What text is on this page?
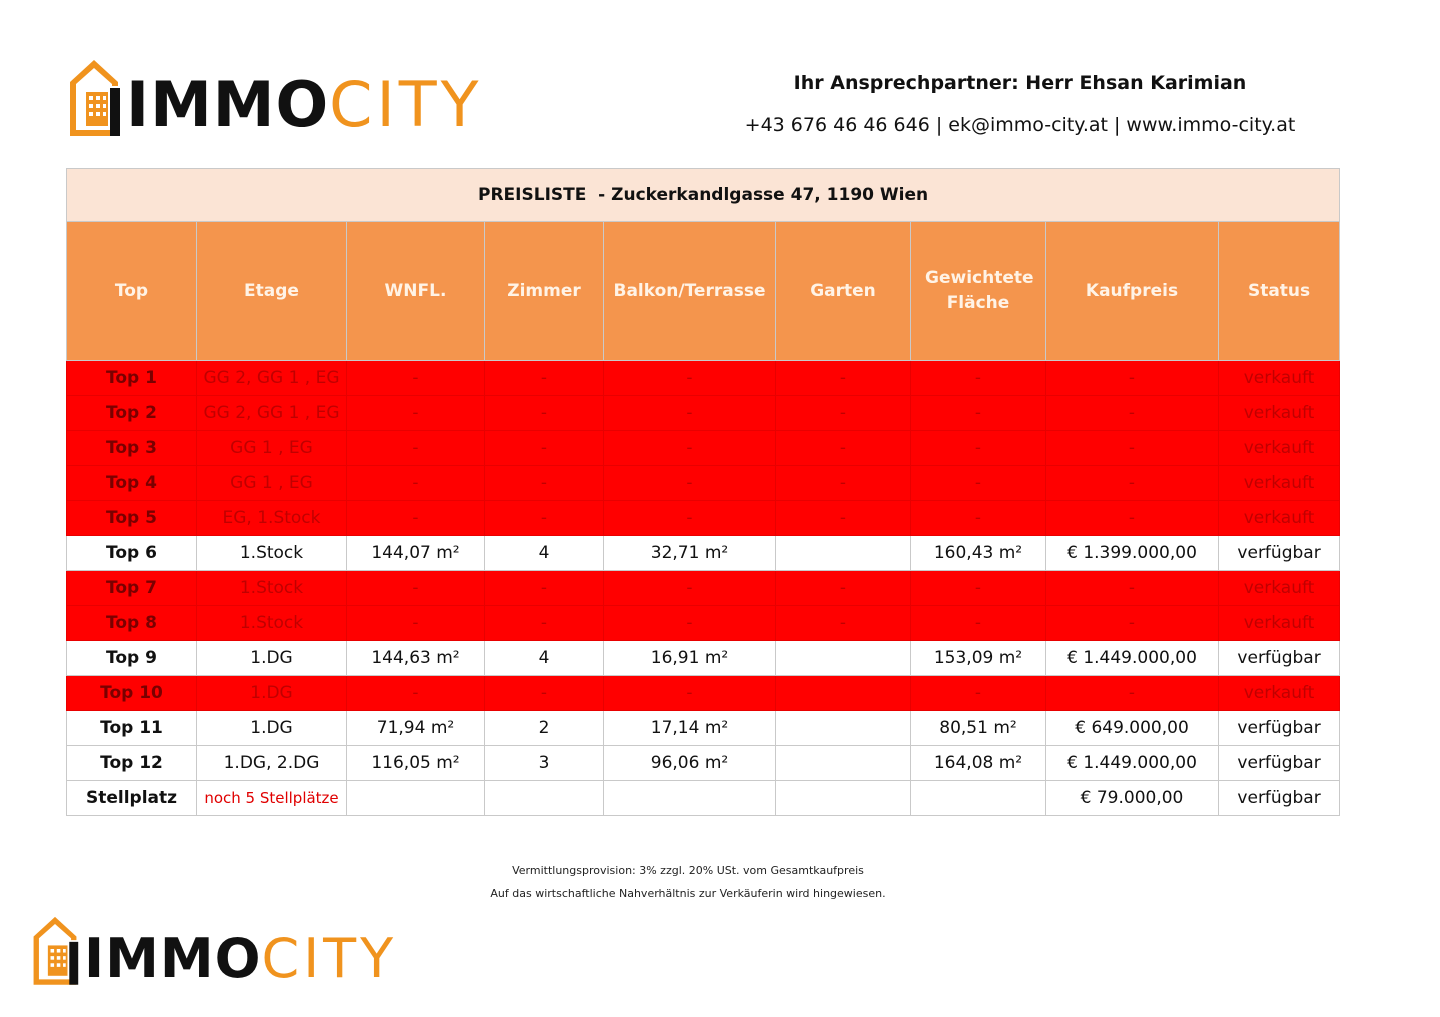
IMMOCITY	Ihr Ansprechpartner: Herr Ehsan Karimian
+43 676 46 46 646 | ek@immo-city.at | www.immo-city.at
PREISLISTE  - Zuckerkandlgasse 47, 1190 Wien								
Top	Etage	WNFL.	Zimmer	Balkon/Terrasse	Garten	Gewichtete Fläche	Kaufpreis	Status
Top 1	GG 2, GG 1 , EG	-	-	-	-	-	-	verkauft
Top 2	GG 2, GG 1 , EG	-	-	-	-	-	-	verkauft
Top 3	GG 1 , EG	-	-	-	-	-	-	verkauft
Top 4	GG 1 , EG	-	-	-	-	-	-	verkauft
Top 5	EG, 1.Stock	-	-	-	-	-	-	verkauft
Top 6	1.Stock	144,07 m²	4	32,71 m²		160,43 m²	€ 1.399.000,00	verfügbar
Top 7	1.Stock	-	-	-	-	-	-	verkauft
Top 8	1.Stock	-	-	-	-	-	-	verkauft
Top 9	1.DG	144,63 m²	4	16,91 m²		153,09 m²	€ 1.449.000,00	verfügbar
Top 10	1.DG	-	-	-		-	-	verkauft
Top 11	1.DG	71,94 m²	2	17,14 m²		80,51 m²	€ 649.000,00	verfügbar
Top 12	1.DG, 2.DG	116,05 m²	3	96,06 m²		164,08 m²	€ 1.449.000,00	verfügbar
Stellplatz	noch 5 Stellplätze						€ 79.000,00	verfügbar
Vermittlungsprovision: 3% zzgl. 20% USt. vom Gesamtkaufpreis
Auf das wirtschaftliche Nahverhältnis zur Verkäuferin wird hingewiesen.
IMMOCITY
